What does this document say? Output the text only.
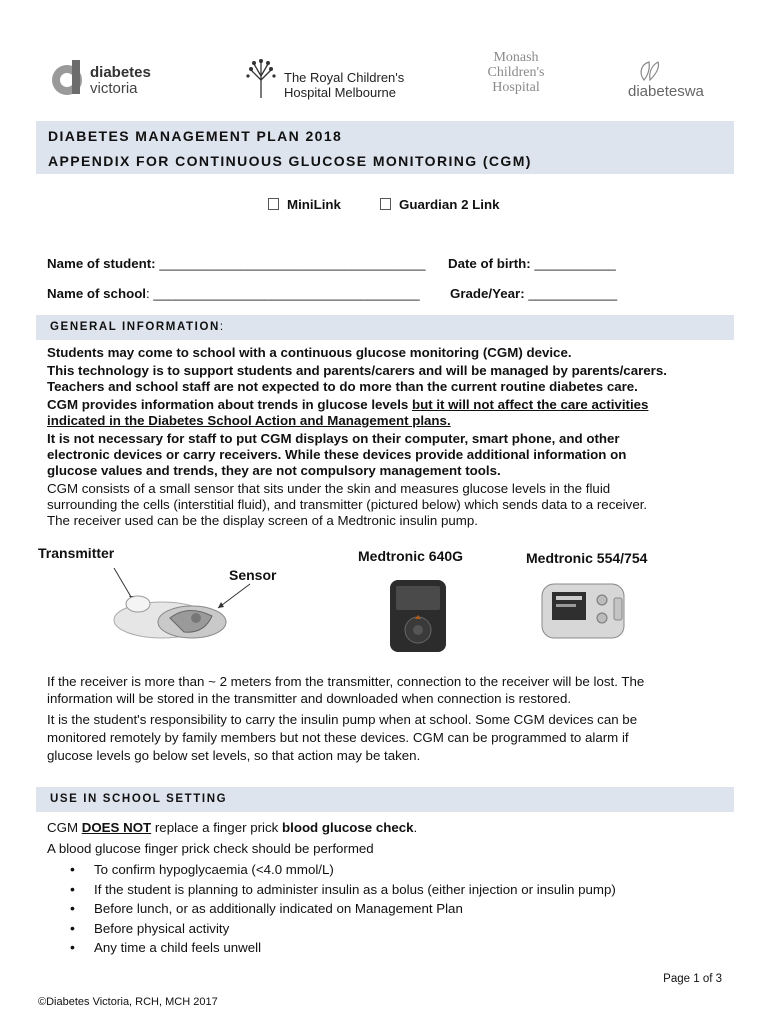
diabetes
victoria
The Royal Children's
Hospital Melbourne
Monash
Children's
Hospital	diabeteswa
DIABETES MANAGEMENT PLAN 2018
APPENDIX FOR CONTINUOUS GLUCOSE MONITORING (CGM)
MiniLink	Guardian 2 Link
Name of student: ____________________________________ Date of birth: ___________
Name of school: ____________________________________ Grade/Year: ____________
GENERAL INFORMATION:
Students may come to school with a continuous glucose monitoring (CGM) device.
This technology is to support students and parents/carers and will be managed by parents/carers.
Teachers and school staff are not expected to do more than the current routine diabetes care.
CGM provides information about trends in glucose levels but it will not affect the care activities
indicated in the Diabetes School Action and Management plans.
It is not necessary for staff to put CGM displays on their computer, smart phone, and other
electronic devices or carry receivers. While these devices provide additional information on
glucose values and trends, they are not compulsory management tools.
CGM consists of a small sensor that sits under the skin and measures glucose levels in the fluid
surrounding the cells (interstitial fluid), and transmitter (pictured below) which sends data to a receiver.
The receiver used can be the display screen of a Medtronic insulin pump.
Transmitter
Sensor
Medtronic 640G	Medtronic 554/754
If the receiver is more than ~ 2 meters from the transmitter, connection to the receiver will be lost. The
information will be stored in the transmitter and downloaded when connection is restored.
It is the student's responsibility to carry the insulin pump when at school. Some CGM devices can be
monitored remotely by family members but not these devices. CGM can be programmed to alarm if
glucose levels go below set levels, so that action may be taken.
USE IN SCHOOL SETTING
CGM DOES NOT replace a finger prick blood glucose check.
A blood glucose finger prick check should be performed
• To confirm hypoglycaemia (<4.0 mmol/L)
• If the student is planning to administer insulin as a bolus (either injection or insulin pump)
• Before lunch, or as additionally indicated on Management Plan
• Before physical activity
• Any time a child feels unwell
Page 1 of 3
©Diabetes Victoria, RCH, MCH 2017
